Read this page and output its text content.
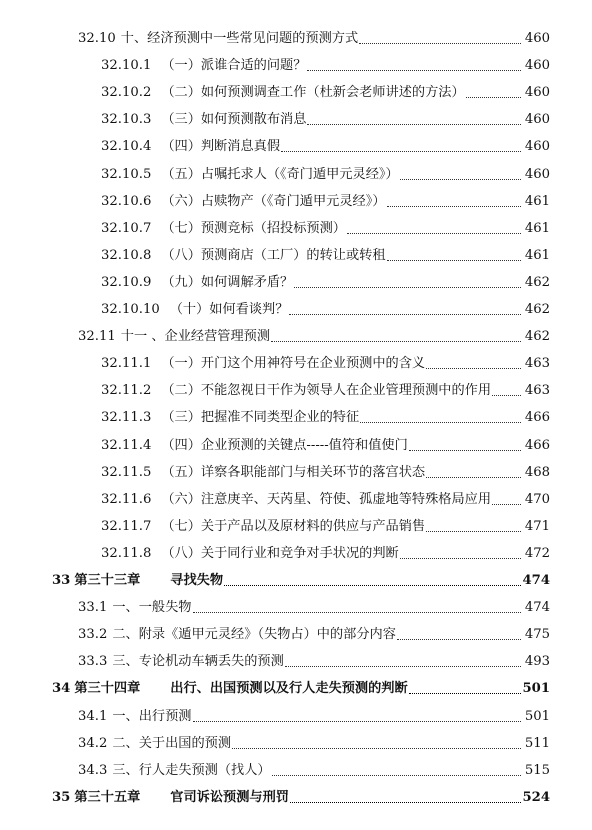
32.10 十、经济预测中一些常见问题的预测方式	460
32.10.1 （一）派谁合适的问题？	460
32.10.2 （二）如何预测调查工作（杜新会老师讲述的方法）	460
32.10.3 （三）如何预测散布消息	460
32.10.4 （四）判断消息真假	460
32.10.5 （五）占嘱托求人（《奇门遁甲元灵经》）	460
32.10.6 （六）占赎物产（《奇门遁甲元灵经》）	461
32.10.7 （七）预测竞标（招投标预测）	461
32.10.8 （八）预测商店（工厂）的转让或转租	461
32.10.9 （九）如何调解矛盾？	462
32.10.10 （十）如何看谈判？	462
32.11 十一 、企业经营管理预测	462
32.11.1 （一）开门这个用神符号在企业预测中的含义	463
32.11.2 （二）不能忽视日干作为领导人在企业管理预测中的作用	463
32.11.3 （三）把握准不同类型企业的特征	466
32.11.4 （四）企业预测的关键点-----值符和值使门	466
32.11.5 （五）详察各职能部门与相关环节的落宫状态	468
32.11.6 （六）注意庚辛、天芮星、符使、孤虚地等特殊格局应用	470
32.11.7 （七）关于产品以及原材料的供应与产品销售	471
32.11.8 （八）关于同行业和竞争对手状况的判断	472
33 第三十三章 寻找失物	474
33.1 一、一般失物	474
33.2 二、附录《遁甲元灵经》（失物占）中的部分内容	475
33.3 三、专论机动车辆丢失的预测	493
34 第三十四章 出行、出国预测以及行人走失预测的判断	501
34.1 一、出行预测	501
34.2 二、关于出国的预测	511
34.3 三、行人走失预测（找人）	515
35 第三十五章 官司诉讼预测与刑罚	524
